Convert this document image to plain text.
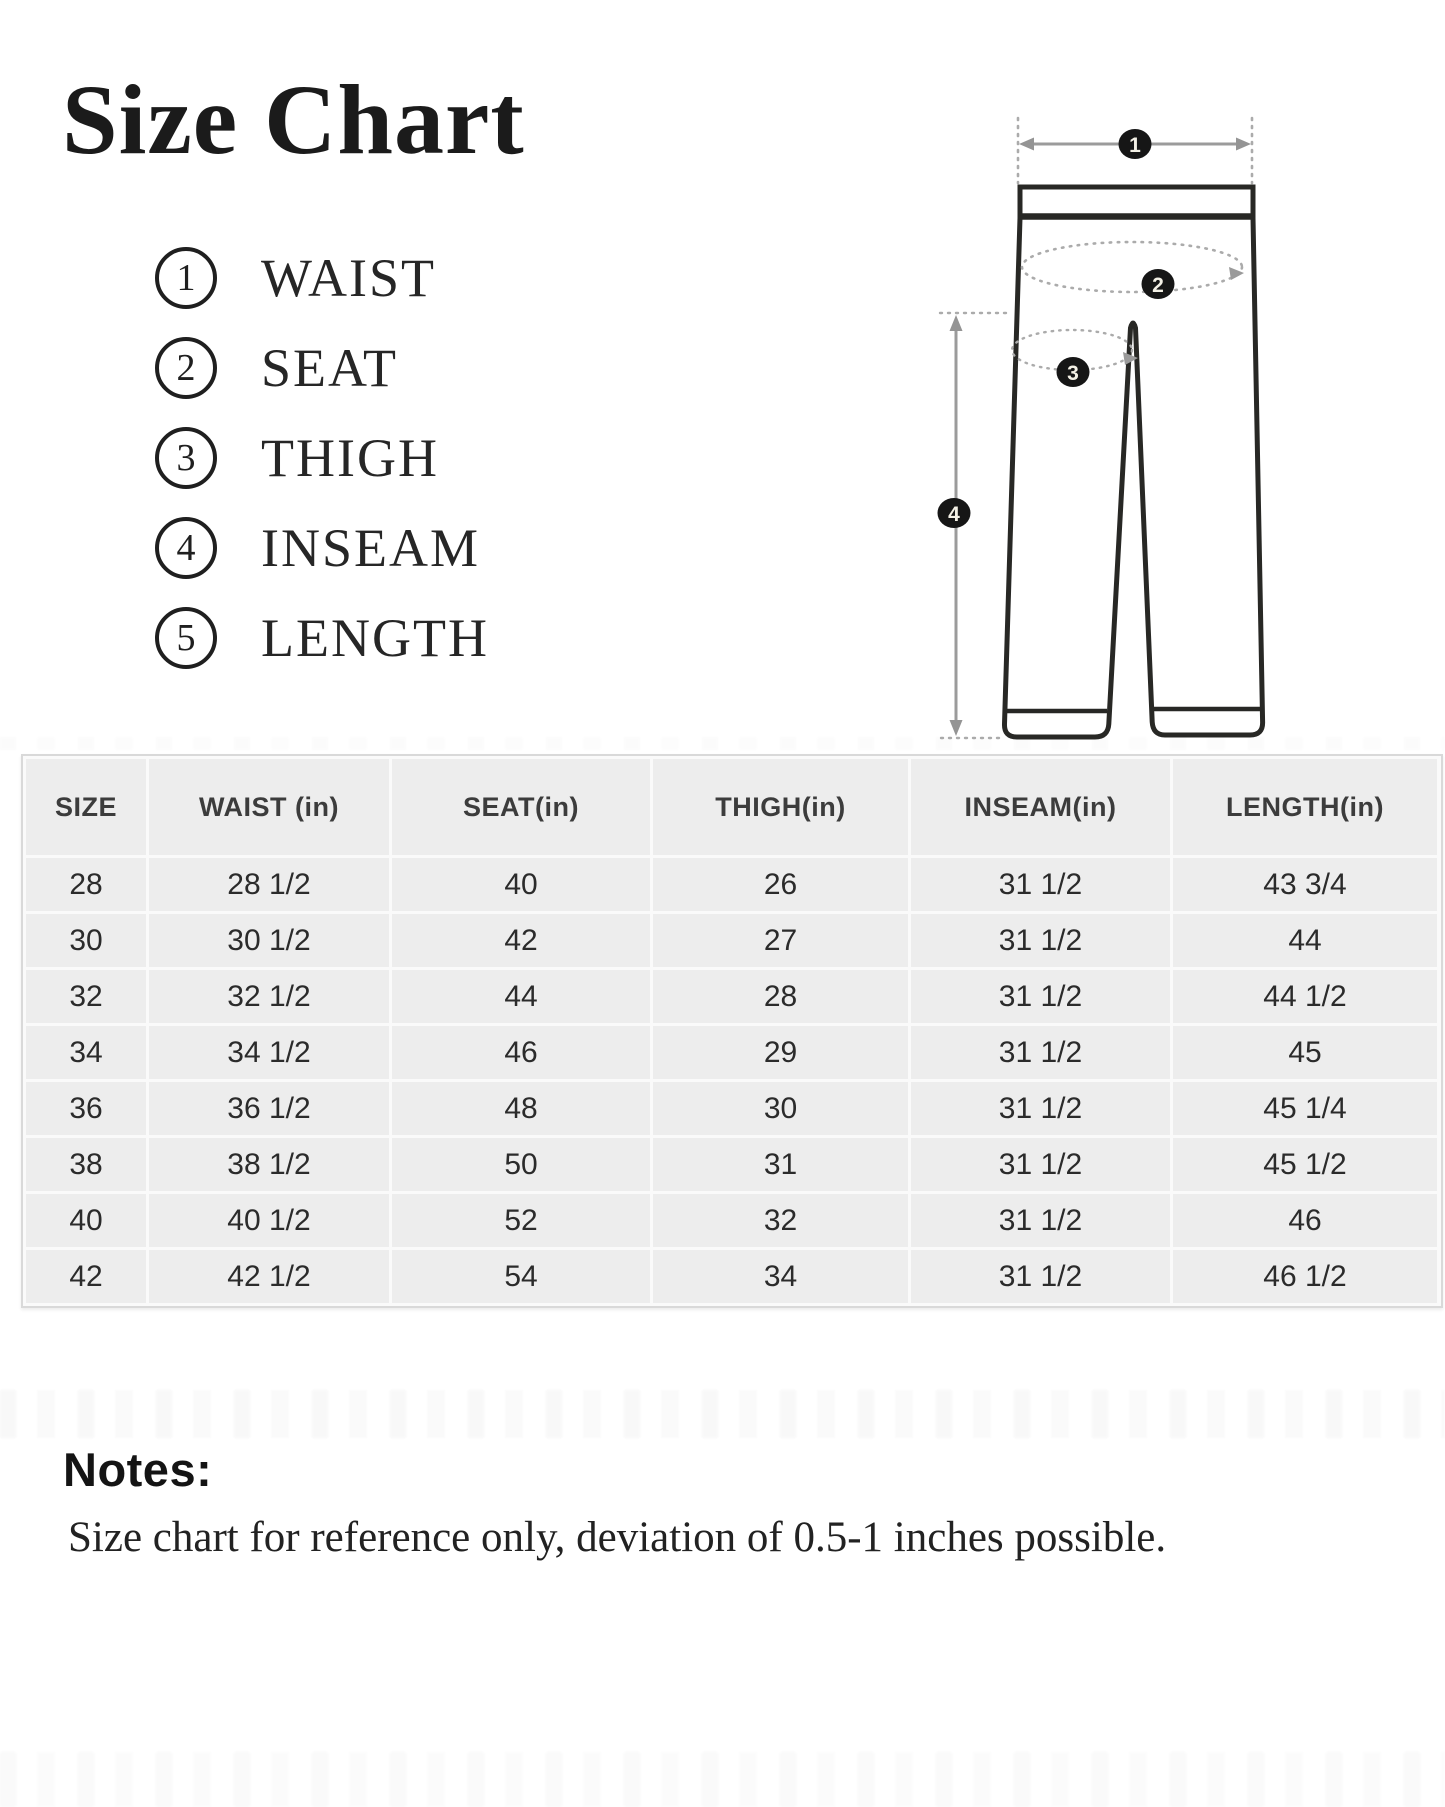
Size Chart
1	WAIST
2	SEAT
3	THIGH
4	INSEAM
5	LENGTH
1
2
3
4
SIZE	WAIST (in)	SEAT(in)	THIGH(in)	INSEAM(in)	LENGTH(in)
28	28 1/2	40	26	31 1/2	43 3/4
30	30 1/2	42	27	31 1/2	44
32	32 1/2	44	28	31 1/2	44 1/2
34	34 1/2	46	29	31 1/2	45
36	36 1/2	48	30	31 1/2	45 1/4
38	38 1/2	50	31	31 1/2	45 1/2
40	40 1/2	52	32	31 1/2	46
42	42 1/2	54	34	31 1/2	46 1/2
Notes:
Size chart for reference only, deviation of 0.5-1 inches possible.
